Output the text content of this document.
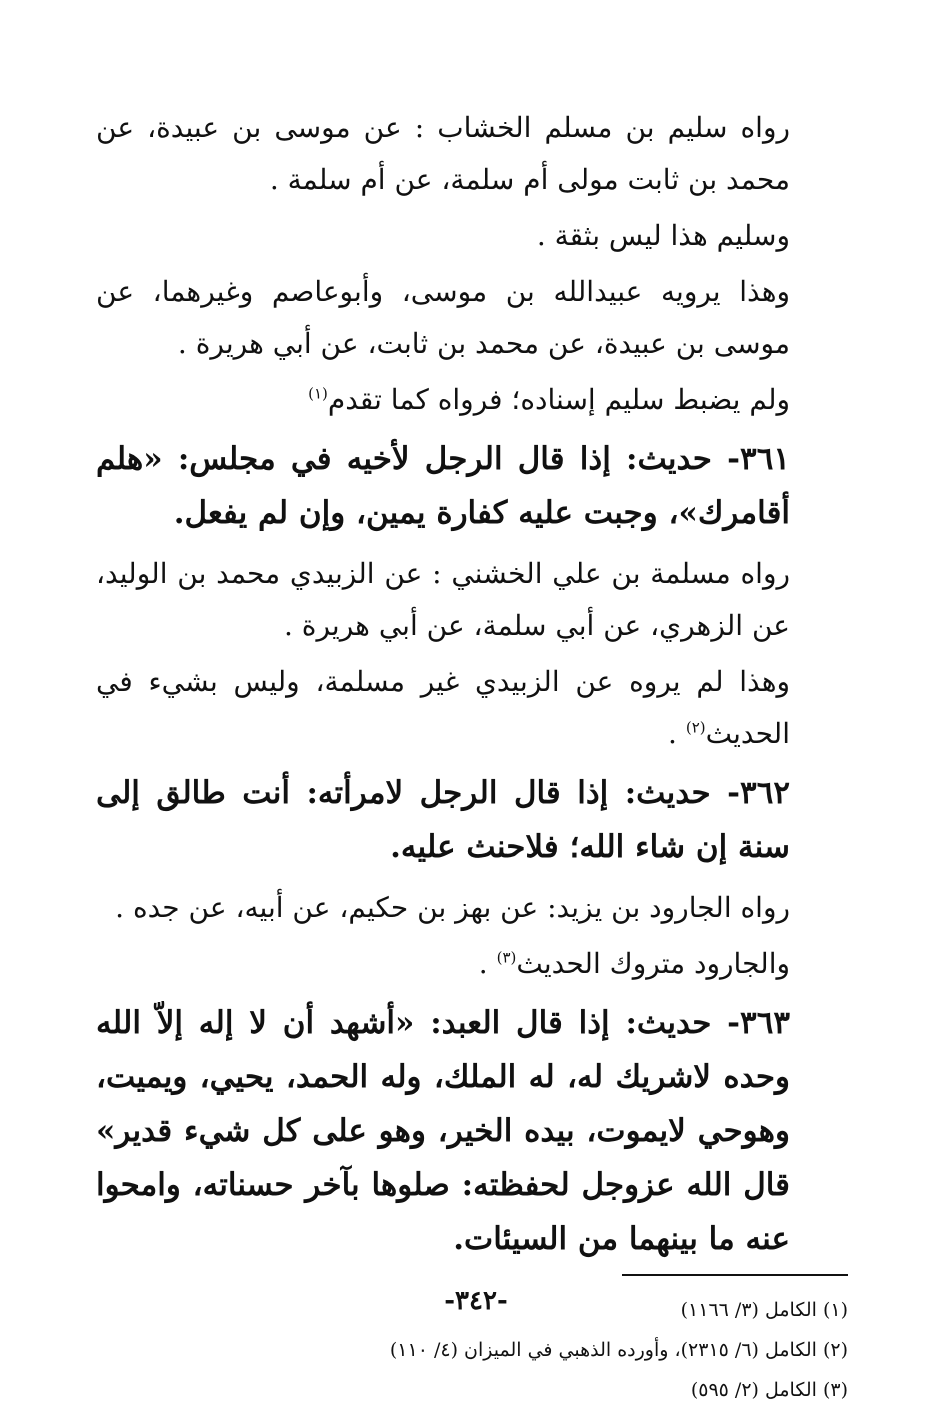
رواه سليم بن مسلم الخشاب : عن موسى بن عبيدة، عن محمد بن ثابت مولى أم سلمة، عن أم سلمة .

وسليم هذا ليس بثقة .

وهذا يرويه عبيدالله بن موسى، وأبوعاصم وغيرهما، عن موسى بن عبيدة، عن محمد بن ثابت، عن أبي هريرة .

ولم يضبط سليم إسناده؛ فرواه كما تقدم$^{(١)}$

٣٦١- حديث: إذا قال الرجل لأخيه في مجلس: «هلم أقامرك»، وجبت عليه كفارة يمين، وإن لم يفعل.

رواه مسلمة بن علي الخشني : عن الزبيدي محمد بن الوليد، عن الزهري، عن أبي سلمة، عن أبي هريرة .

وهذا لم يروه عن الزبيدي غير مسلمة، وليس بشيء في الحديث$^{(٢)}$ .

٣٦٢- حديث: إذا قال الرجل لامرأته: أنت طالق إلى سنة إن شاء الله؛ فلاحنث عليه.

رواه الجارود بن يزيد: عن بهز بن حكيم، عن أبيه، عن جده .

والجارود متروك الحديث$^{(٣)}$ .

٣٦٣- حديث: إذا قال العبد: «أشهد أن لا إله إلاّ الله وحده لاشريك له، له الملك، وله الحمد، يحيي، ويميت، وهوحي لايموت، بيده الخير، وهو على كل شيء قدير» قال الله عزوجل لحفظته: صلوها بآخر حسناته، وامحوا عنه ما بينهما من السيئات.

(١) الكامل (٣/ ١١٦٦)

(٢) الكامل (٦/ ٢٣١٥)، وأورده الذهبي في الميزان (٤/ ١١٠)

(٣) الكامل (٢/ ٥٩٥)

-٣٤٢-
